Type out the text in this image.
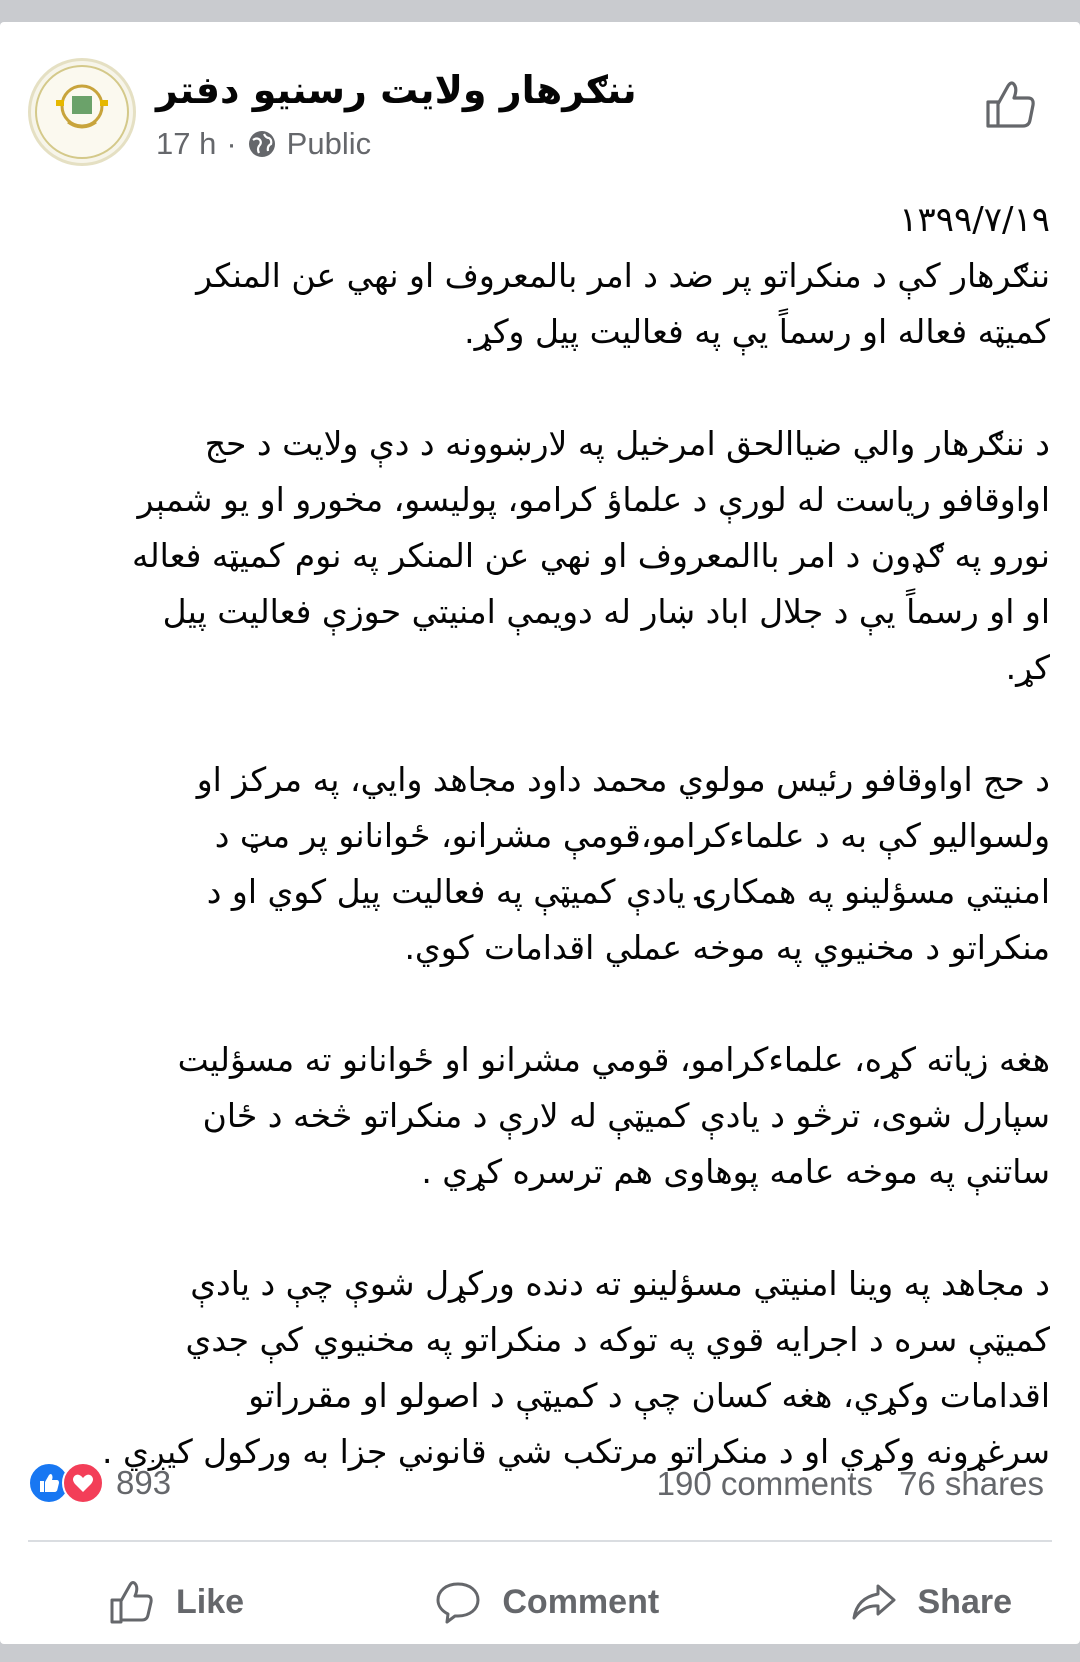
ننګرهار ولایت رسنیو دفتر
17 h · Public
۱۳۹۹/۷/۱۹

ننګرهار کې د منکراتو پر ضد د امر بالمعروف او نهي عن المنکر
کمیټه فعاله او رسماً یې په فعالیت پیل وکړ.

د ننګرهار والي ضیاالحق امرخیل په لارښوونه د دې ولایت د حج
اواوقافو ریاست له لورې د علماؤ کرامو، پولیسو، مخورو او یو شمېر
نورو په ګډون د امر باالمعروف او نهي عن المنکر په نوم کمیټه فعاله
او او رسماً یې د جلال اباد ښار له دویمې امنیتي حوزې فعالیت پیل
کړ.

د حج اواوقافو رئیس مولوي محمد داود مجاهد وایي، په مرکز او
ولسوالیو کې به د علماءکرامو،قومې مشرانو، ځوانانو پر مټ د
امنیتي مسؤلینو په همکارۍ یادې کمیټې په فعالیت پیل کوي او د
منکراتو د مخنیوي په موخه عملي اقدامات کوي.

هغه زیاته کړه، علماءکرامو، قومي مشرانو او ځوانانو ته مسؤلیت
سپارل شوی، ترڅو د یادې کمیټې له لارې د منکراتو څخه د ځان
ساتنې په موخه عامه پوهاوی هم ترسره کړي .

د مجاهد په وینا امنیتي مسؤلینو ته دنده ورکړل شوې چې د یادې
کمیټې سره د اجرایه قوي په توکه د منکراتو په مخنیوي کې جدي
اقدامات وکړي، هغه کسان چې د کمیټې د اصولو او مقرراتو
سرغړونه وکړي او د منکراتو مرتکب شي قانوني جزا به ورکول کیږي .

893	190 comments 76 shares
Like	Comment	Share
